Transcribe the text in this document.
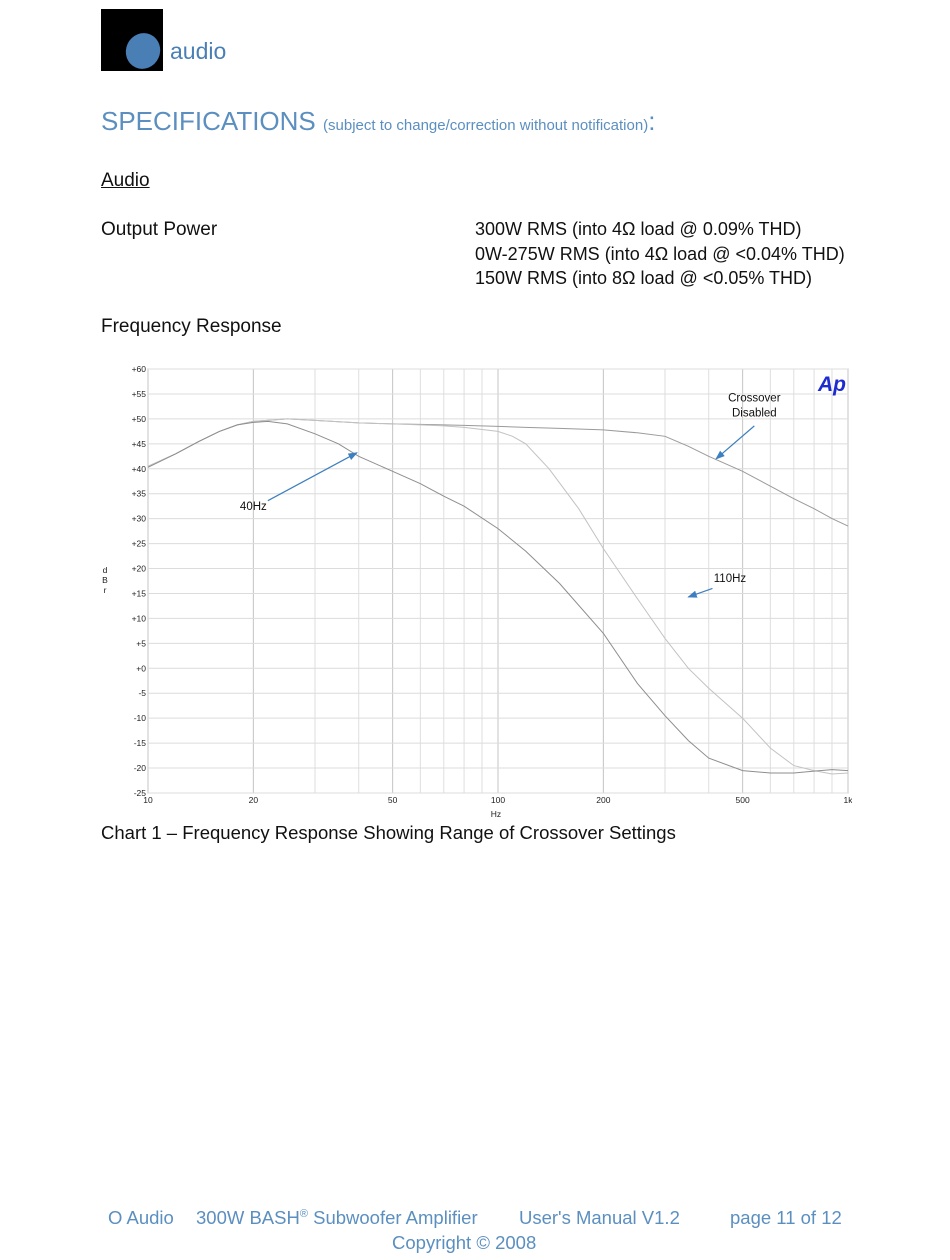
audio
SPECIFICATIONS (subject to change/correction without notification):
Audio
Output Power	300W RMS (into 4Ω load @ 0.09% THD)
0W-275W RMS (into 4Ω load @ <0.04% THD)
150W RMS (into 8Ω load @ <0.05% THD)
Frequency Response
+60
+55
+50
+45
+40
+35
+30
+25
+20
+15
+10
+5
+0
-5
-10
-15
-20
-25
10	20	50	100	200	500	1k
Hz
d
B
r
Crossover
Disabled
40Hz
110Hz
Ap
Chart 1 – Frequency Response Showing Range of Crossover Settings
O Audio 300W BASH® Subwoofer Amplifier User's Manual V1.2	page 11 of 12
Copyright © 2008
